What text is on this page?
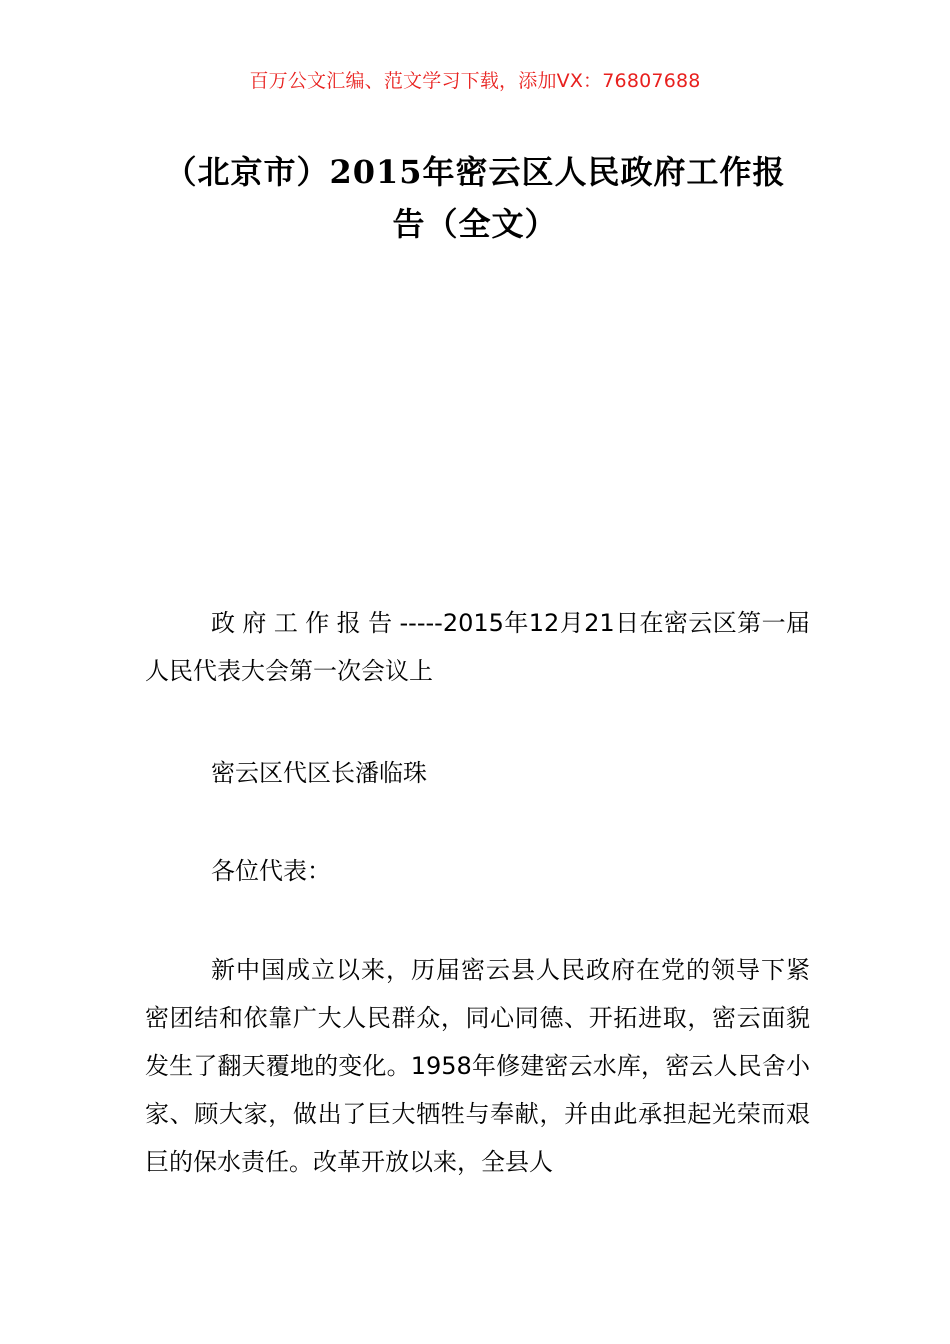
百万公文汇编、范文学习下载，添加VX：76807688
（北京市）2015年密云区人民政府工作报
告（全文）

政府工作报告-----2015年12月21日在密云区第一届人民代表大会第一次会议上

密云区代区长潘临珠

各位代表：

新中国成立以来，历届密云县人民政府在党的领导下紧密团结和依靠广大人民群众，同心同德、开拓进取，密云面貌发生了翻天覆地的变化。1958年修建密云水库，密云人民舍小家、顾大家，做出了巨大牺牲与奉献，并由此承担起光荣而艰巨的保水责任。改革开放以来，全县人
